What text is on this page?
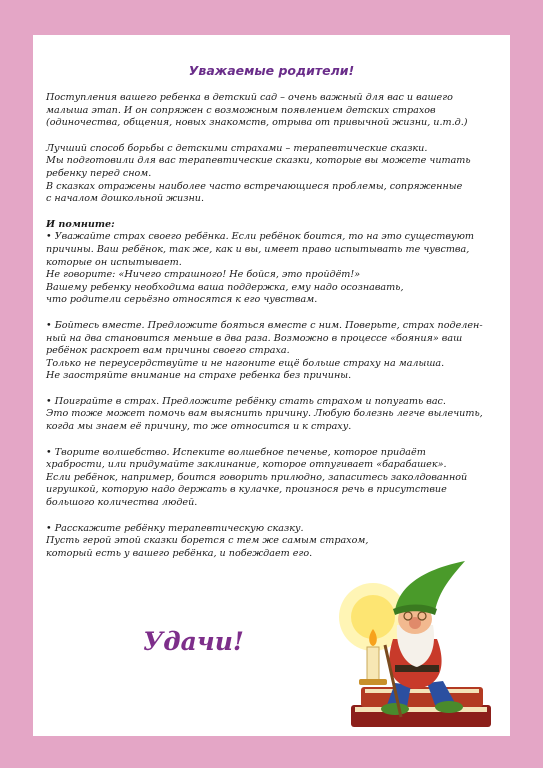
Уважаемые родители!

Поступления вашего ребенка в детский сад – очень важный для вас и вашего
малыша этап. И он сопряжен с возможным появлением детских страхов
(одиночества, общения, новых знакомств, отрыва от привычной жизни, и.т.д.)

Лучший способ борьбы с детскими страхами – терапевтические сказки.
Мы подготовили для вас терапевтические сказки, которые вы можете читать
ребенку перед сном.
В сказках отражены наиболее часто встречающиеся проблемы, сопряженные
с началом дошкольной жизни.

И помните:
• Уважайте страх своего ребёнка. Если ребёнок боится, то на это существуют
причины. Ваш ребёнок, так же, как и вы, имеет право испытывать те чувства,
которые он испытывает.
Не говорите: «Ничего страшного! Не бойся, это пройдёт!»
Вашему ребенку необходима ваша поддержка, ему надо осознавать,
что родители серьёзно относятся к его чувствам.

• Бойтесь вместе. Предложите бояться вместе с ним. Поверьте, страх поделен-
ный на два становится меньше в два раза. Возможно в процессе «бояния» ваш
ребёнок раскроет вам причины своего страха.
Только не переусердствуйте и не нагоните ещё больше страху на малыша.
Не заостряйте внимание на страхе ребенка без причины.

• Поиграйте в страх. Предложите ребёнку стать страхом и попугать вас.
Это тоже может помочь вам выяснить причину. Любую болезнь легче вылечить,
когда мы знаем её причину, то же относится и к страху.

• Творите волшебство. Испеките волшебное печенье, которое придаёт
храбрости, или придумайте заклинание, которое отпугивает «барабашек».
Если ребёнок, например, боится говорить прилюдно, запаситесь заколдованной
игрушкой, которую надо держать в кулачке, произнося речь в присутствие
большого количества людей.

• Расскажите ребёнку терапевтическую сказку.
Пусть герой этой сказки борется с тем же самым страхом,
который есть у вашего ребёнка, и побеждает его.

Удачи!
